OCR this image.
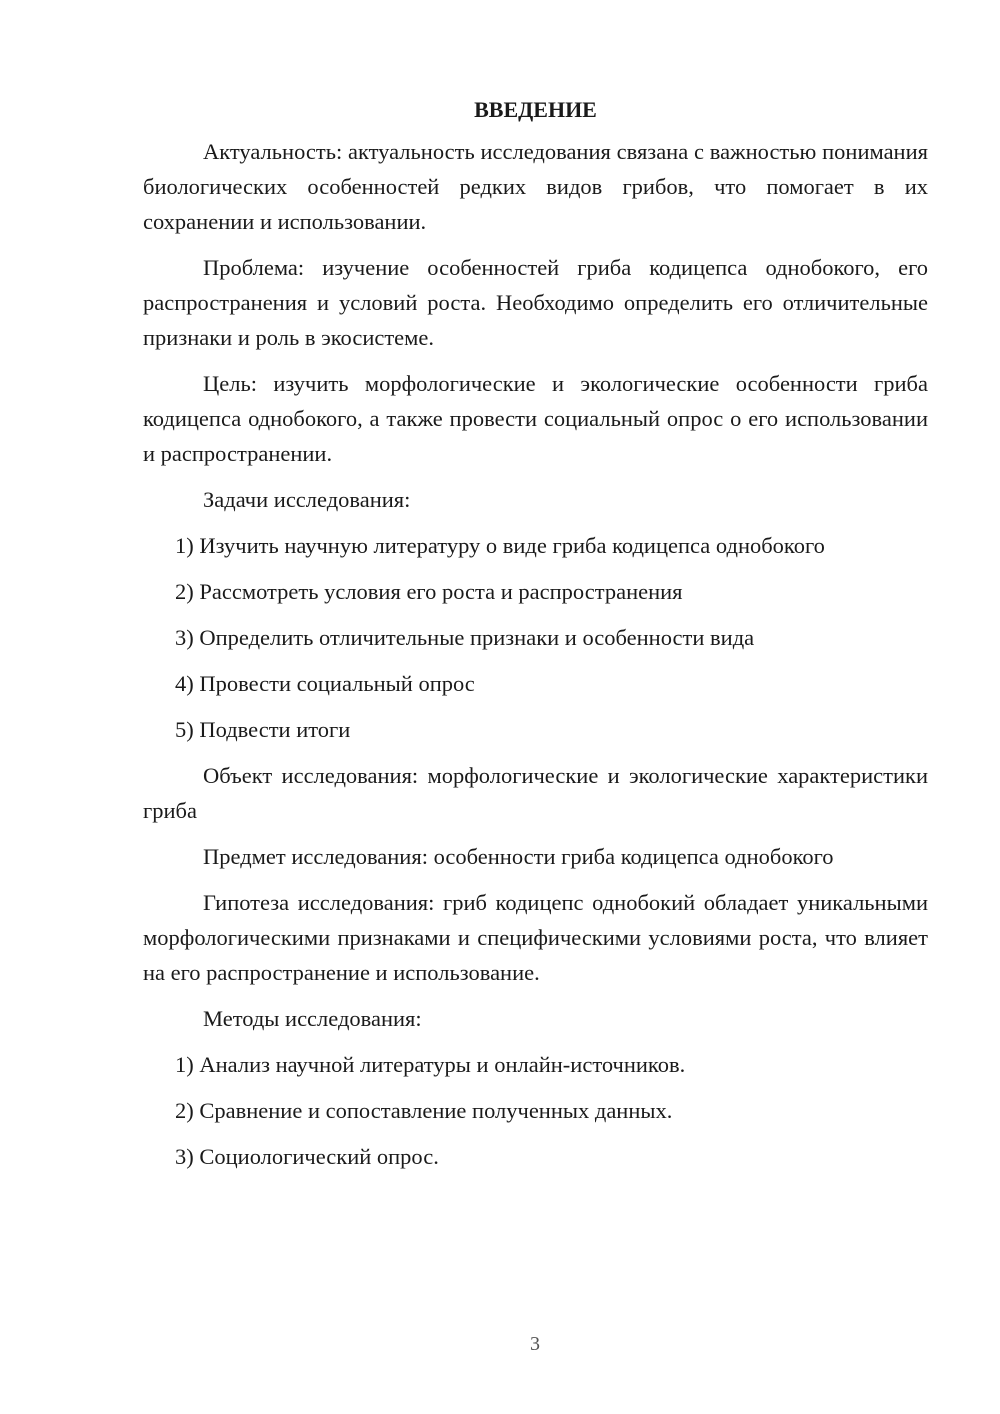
ВВЕДЕНИЕ

Актуальность: актуальность исследования связана с важностью понимания биологических особенностей редких видов грибов, что помогает в их сохранении и использовании.

Проблема: изучение особенностей гриба кодицепса однобокого, его распространения и условий роста. Необходимо определить его отличительные признаки и роль в экосистеме.

Цель: изучить морфологические и экологические особенности гриба кодицепса однобокого, а также провести социальный опрос о его использовании и распространении.

Задачи исследования:

1) Изучить научную литературу о виде гриба кодицепса однобокого
2) Рассмотреть условия его роста и распространения
3) Определить отличительные признаки и особенности вида
4) Провести социальный опрос
5) Подвести итоги

Объект исследования: морфологические и экологические характеристики гриба

Предмет исследования: особенности гриба кодицепса однобокого

Гипотеза исследования: гриб кодицепс однобокий обладает уникальными морфологическими признаками и специфическими условиями роста, что влияет на его распространение и использование.

Методы исследования:

1) Анализ научной литературы и онлайн-источников.
2) Сравнение и сопоставление полученных данных.
3) Социологический опрос.
3
